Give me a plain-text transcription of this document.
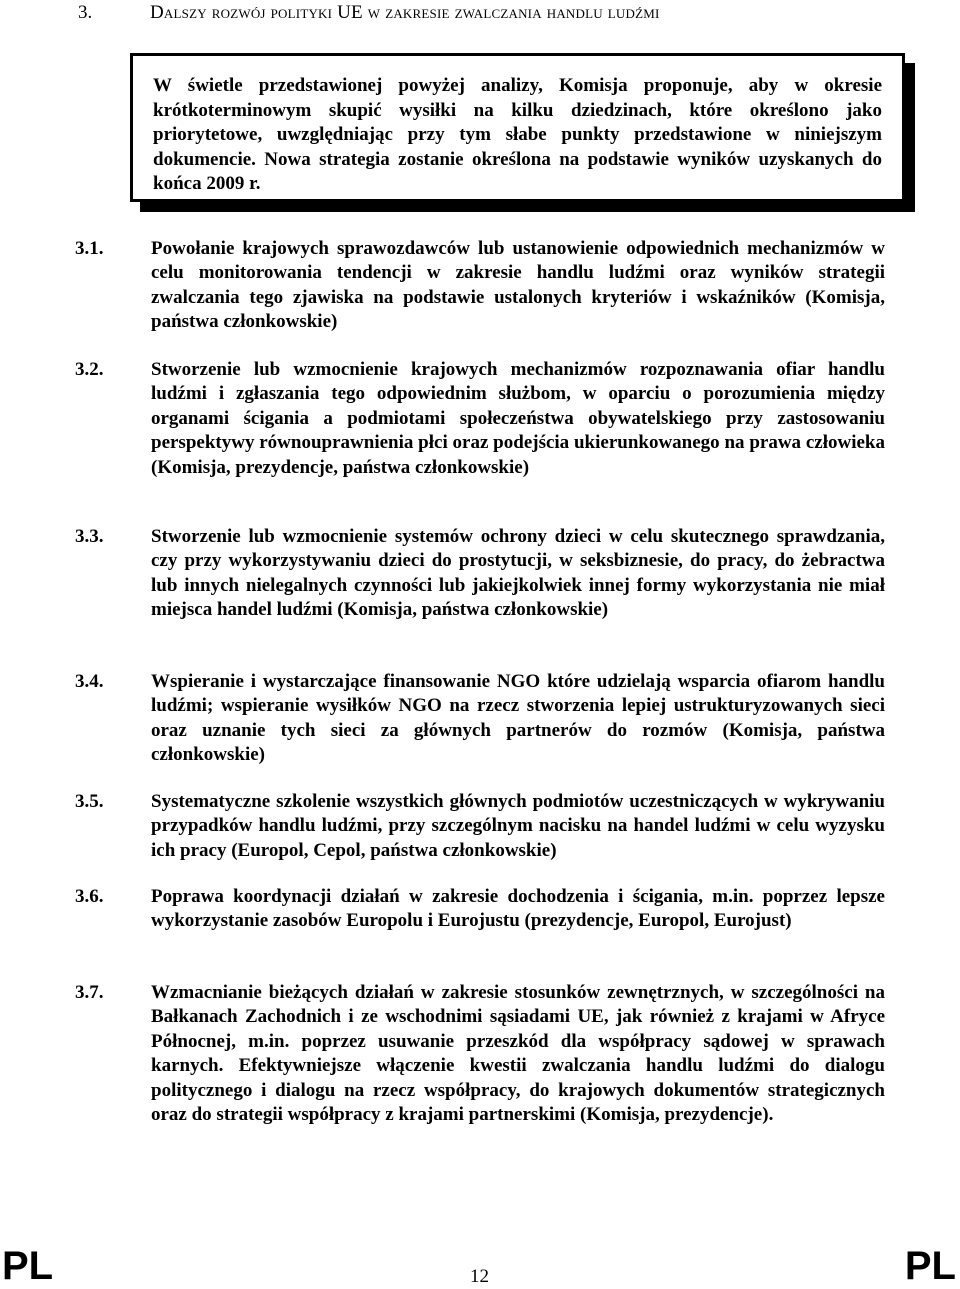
3.	Dalszy rozwój polityki UE w zakresie zwalczania handlu ludźmi
W świetle przedstawionej powyżej analizy, Komisja proponuje, aby w okresie krótkoterminowym skupić wysiłki na kilku dziedzinach, które określono jako priorytetowe, uwzględniając przy tym słabe punkty przedstawione w niniejszym dokumencie. Nowa strategia zostanie określona na podstawie wyników uzyskanych do końca 2009 r.
3.1.	Powołanie krajowych sprawozdawców lub ustanowienie odpowiednich mechanizmów w celu monitorowania tendencji w zakresie handlu ludźmi oraz wyników strategii zwalczania tego zjawiska na podstawie ustalonych kryteriów i wskaźników (Komisja, państwa członkowskie)
3.2.	Stworzenie lub wzmocnienie krajowych mechanizmów rozpoznawania ofiar handlu ludźmi i zgłaszania tego odpowiednim służbom, w oparciu o porozumienia między organami ścigania a podmiotami społeczeństwa obywatelskiego przy zastosowaniu perspektywy równouprawnienia płci oraz podejścia ukierunkowanego na prawa człowieka (Komisja, prezydencje, państwa członkowskie)
3.3.	Stworzenie lub wzmocnienie systemów ochrony dzieci w celu skutecznego sprawdzania, czy przy wykorzystywaniu dzieci do prostytucji, w seksbiznesie, do pracy, do żebractwa lub innych nielegalnych czynności lub jakiejkolwiek innej formy wykorzystania nie miał miejsca handel ludźmi (Komisja, państwa członkowskie)
3.4.	Wspieranie i wystarczające finansowanie NGO które udzielają wsparcia ofiarom handlu ludźmi; wspieranie wysiłków NGO na rzecz stworzenia lepiej ustrukturyzowanych sieci oraz uznanie tych sieci za głównych partnerów do rozmów (Komisja, państwa członkowskie)
3.5.	Systematyczne szkolenie wszystkich głównych podmiotów uczestniczących w wykrywaniu przypadków handlu ludźmi, przy szczególnym nacisku na handel ludźmi w celu wyzysku ich pracy (Europol, Cepol, państwa członkowskie)
3.6.	Poprawa koordynacji działań w zakresie dochodzenia i ścigania, m.in. poprzez lepsze wykorzystanie zasobów Europolu i Eurojustu (prezydencje, Europol, Eurojust)
3.7.	Wzmacnianie bieżących działań w zakresie stosunków zewnętrznych, w szczególności na Bałkanach Zachodnich i ze wschodnimi sąsiadami UE, jak również z krajami w Afryce Północnej, m.in. poprzez usuwanie przeszkód dla współpracy sądowej w sprawach karnych. Efektywniejsze włączenie kwestii zwalczania handlu ludźmi do dialogu politycznego i dialogu na rzecz współpracy, do krajowych dokumentów strategicznych oraz do strategii współpracy z krajami partnerskimi (Komisja, prezydencje).
PL	12	PL
